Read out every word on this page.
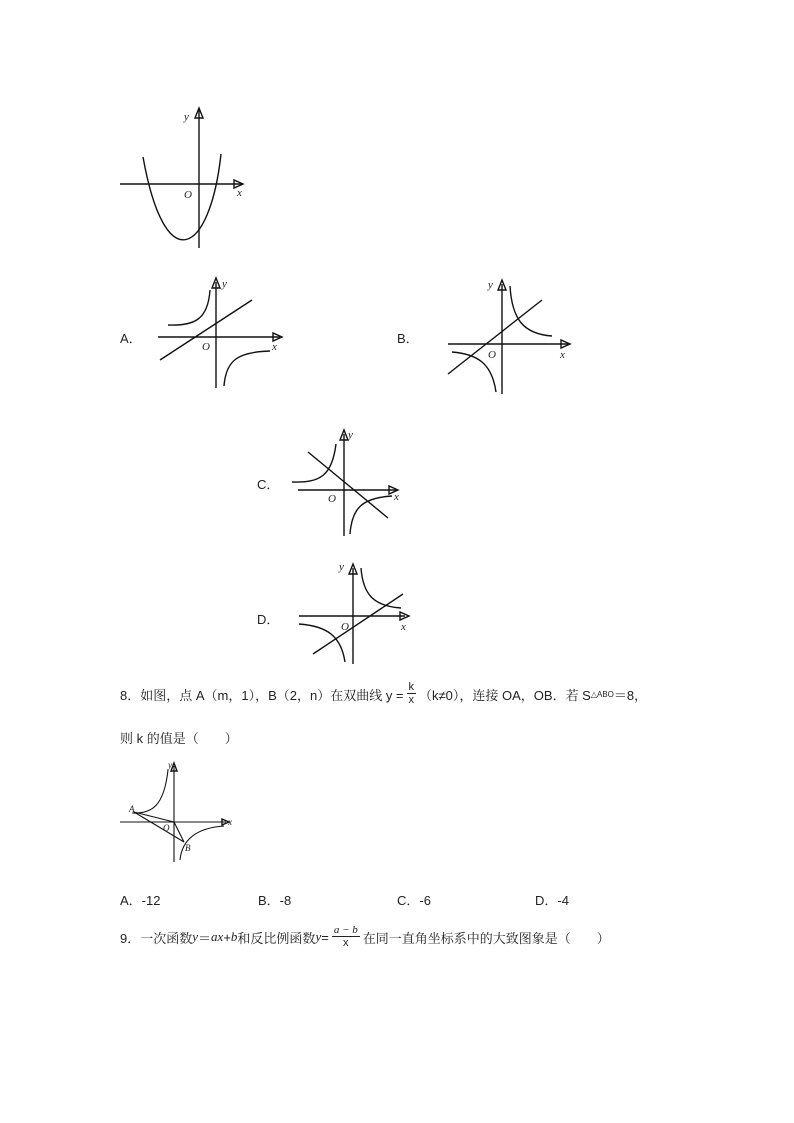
y
x
O
A．
y
x
O
B．
y
x
O
C．
y
x
O
D．
y
x
O
8． 如图，点 A（m，1），B（2，n）在双曲线 $y = \frac{k}{x} (k\ne 0)$，连接 OA，OB．若 S △ABO ＝8，
则 k 的值是（　　）
A
B
O
x
y
A．-12	B．-8	C．-6	D．-4
9． 一次函数 y ＝ ax + b 和反比例函数 $y = \frac{a - b}{x}$ 在同一直角坐标系中的大致图象是（　　）
